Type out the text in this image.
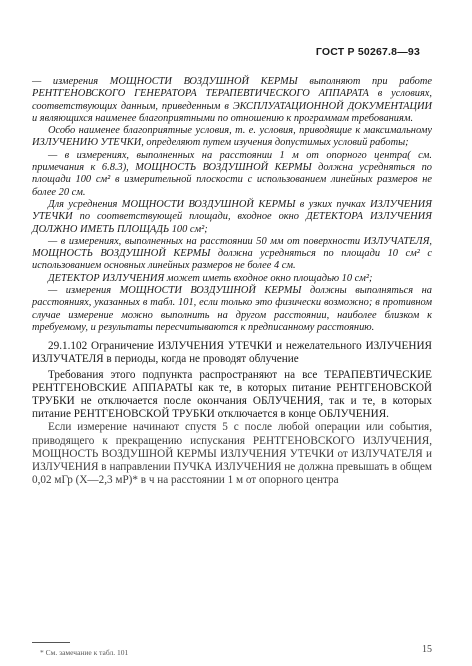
ГОСТ Р 50267.8—93

— измерения МОЩНОСТИ ВОЗДУШНОЙ КЕРМЫ выполняют при работе РЕНТГЕНОВСКОГО ГЕНЕРАТОРА ТЕРАПЕВТИЧЕСКОГО АППАРАТА в условиях, соответствующих данным, приведенным в ЭКСПЛУАТАЦИОННОЙ ДОКУМЕНТАЦИИ и являющихся наименее благоприятными по отношению к программам требованиям.

Особо наименее благоприятные условия, т. е. условия, приводящие к максимальному ИЗЛУЧЕНИЮ УТЕЧКИ, определяют путем изучения допустимых условий работы;

— в измерениях, выполненных на расстоянии 1 м от опорного центра( см. примечания к 6.8.3), МОЩНОСТЬ ВОЗДУШНОЙ КЕРМЫ должна усредняться по площади 100 см² в измерительной плоскости с использованием линейных размеров не более 20 см.

Для усреднения МОЩНОСТИ ВОЗДУШНОЙ КЕРМЫ в узких пучках ИЗЛУЧЕНИЯ УТЕЧКИ по соответствующей площади, входное окно ДЕТЕКТОРА ИЗЛУЧЕНИЯ ДОЛЖНО ИМЕТЬ ПЛОЩАДЬ 100 см²;

— в измерениях, выполненных на расстоянии 50 мм от поверхности ИЗЛУЧАТЕЛЯ, МОЩНОСТЬ ВОЗДУШНОЙ КЕРМЫ должна усредняться по площади 10 см² с использованием основных линейных размеров не более 4 см.

ДЕТЕКТОР ИЗЛУЧЕНИЯ может иметь входное окно площадью 10 см²;

— измерения МОЩНОСТИ ВОЗДУШНОЙ КЕРМЫ должны выполняться на расстояниях, указанных в табл. 101, если только это физически возможно; в противном случае измерение можно выполнить на другом расстоянии, наиболее близком к требуемому, и результаты пересчитываются к предписанному расстоянию.

29.1.102 Ограничение ИЗЛУЧЕНИЯ УТЕЧКИ и нежелательного ИЗЛУЧЕНИЯ ИЗЛУЧАТЕЛЯ в периоды, когда не проводят облучение

Требования этого подпункта распространяют на все ТЕРАПЕВТИЧЕСКИЕ РЕНТГЕНОВСКИЕ АППАРАТЫ как те, в которых питание РЕНТГЕНОВСКОЙ ТРУБКИ не отключается после окончания ОБЛУЧЕНИЯ, так и те, в которых питание РЕНТГЕНОВСКОЙ ТРУБКИ отключается в конце ОБЛУЧЕНИЯ.

Если измерение начинают спустя 5 с после любой операции или события, приводящего к прекращению испускания РЕНТГЕНОВСКОГО ИЗЛУЧЕНИЯ, МОЩНОСТЬ ВОЗДУШНОЙ КЕРМЫ ИЗЛУЧЕНИЯ УТЕЧКИ от ИЗЛУЧАТЕЛЯ и ИЗЛУЧЕНИЯ в направлении ПУЧКА ИЗЛУЧЕНИЯ не должна превышать в общем 0,02 мГр (Х—2,3 мР)* в ч на расстоянии 1 м от опорного центра

* См. замечание к табл. 101	15
